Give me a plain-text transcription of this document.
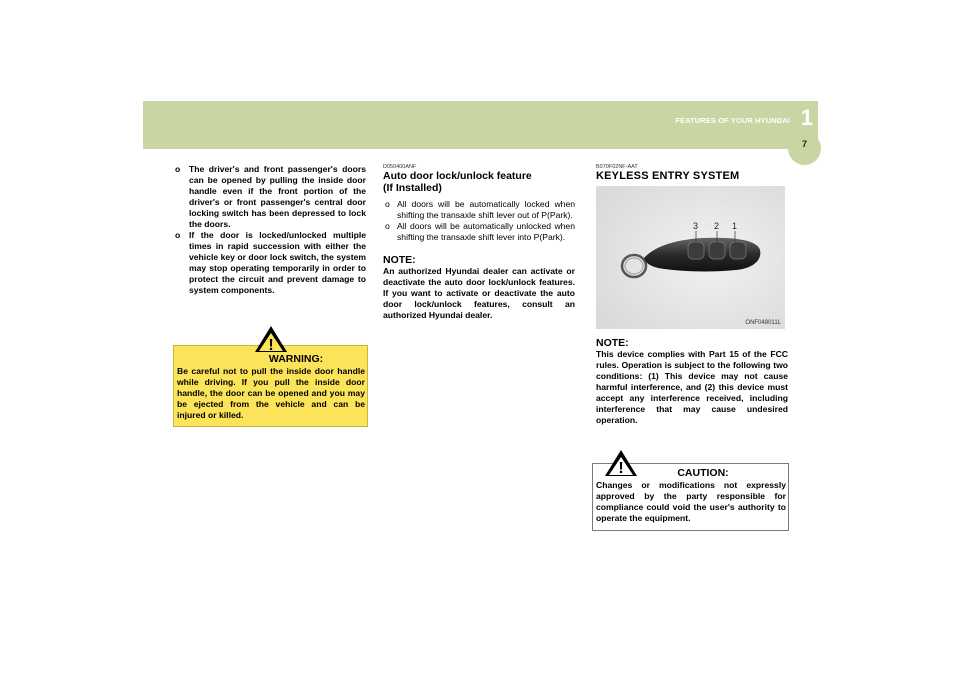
FEATURES OF YOUR HYUNDAI 1
7
o The driver's and front passenger's doors can be opened by pulling the inside door handle even if the front portion of the driver's or front passenger's central door locking switch has been depressed to lock the doors.
o If the door is locked/unlocked multiple times in rapid succession with either the vehicle key or door lock switch, the system may stop operating temporarily in order to protect the circuit and prevent damage to system components.
!
WARNING:
Be careful not to pull the inside door handle while driving. If you pull the inside door handle, the door can be opened and you may be ejected from the vehicle and can be injured or killed.
D050400ANF
Auto door lock/unlock feature
(If Installed)
o All doors will be automatically locked when shifting the transaxle shift lever out of P(Park).
o All doors will be automatically unlocked when shifting the transaxle shift lever into P(Park).
NOTE:
An authorized Hyundai dealer can activate or deactivate the auto door lock/unlock features. If you want to activate or deactivate the auto door lock/unlock features, consult an authorized Hyundai dealer.
B070F02NF-AAT
KEYLESS ENTRY SYSTEM
3 2 1
ONF048011L
NOTE:
This device complies with Part 15 of the FCC rules. Operation is subject to the following two conditions: (1) This device may not cause harmful interference, and (2) this device must accept any interference received, including interference that may cause undesired operation.
!	CAUTION:
Changes or modifications not expressly approved by the party responsible for compliance could void the user's authority to operate the equipment.
